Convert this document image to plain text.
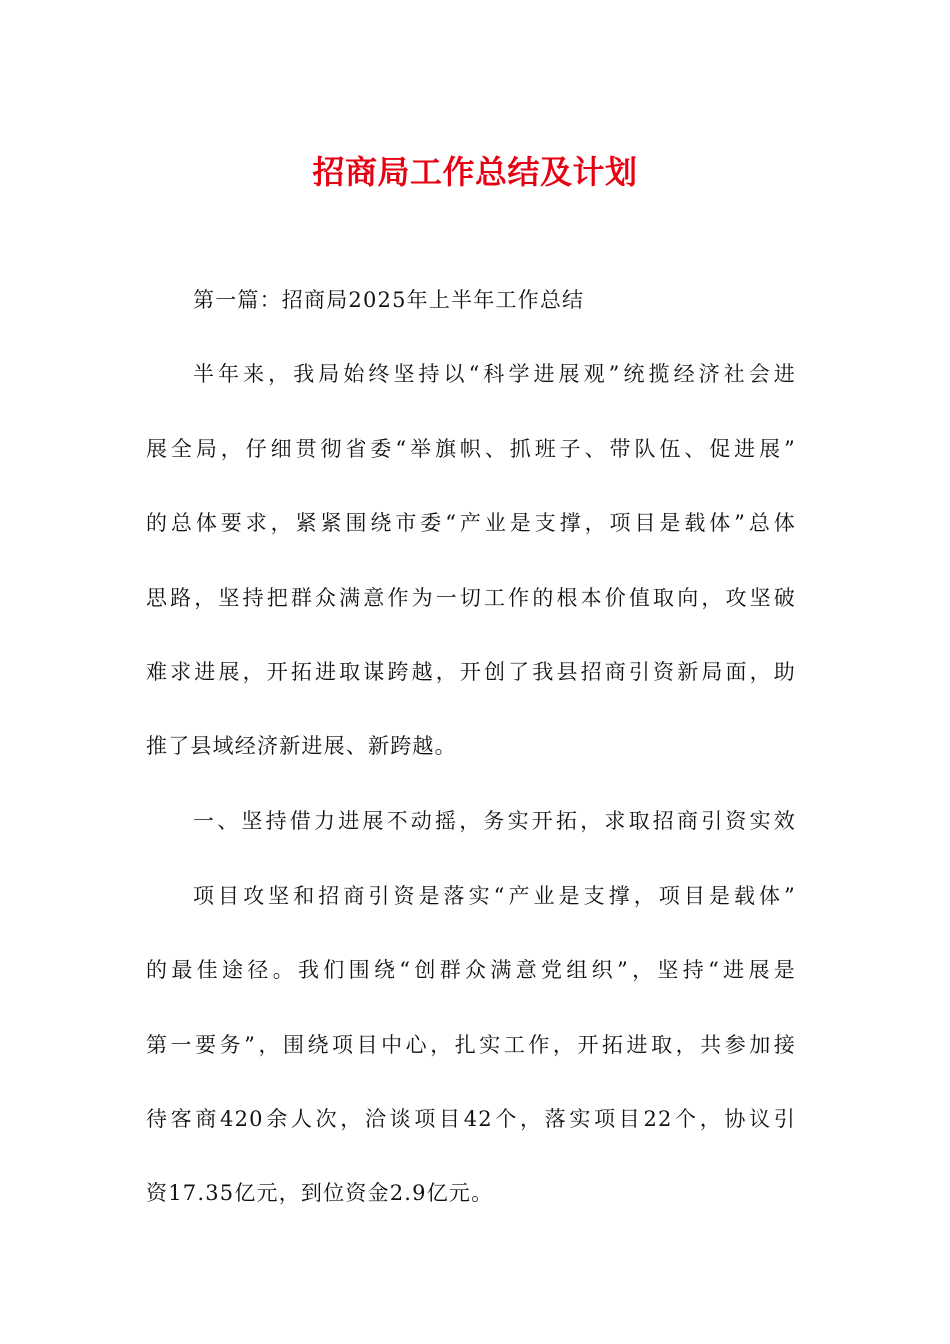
招商局工作总结及计划
第一篇：招商局2025年上半年工作总结
半年来，我局始终坚持以“科学进展观”统揽经济社会进
展全局，仔细贯彻省委“举旗帜、抓班子、带队伍、促进展”
的总体要求，紧紧围绕市委“产业是支撑，项目是载体”总体
思路，坚持把群众满意作为一切工作的根本价值取向，攻坚破
难求进展，开拓进取谋跨越，开创了我县招商引资新局面，助
推了县域经济新进展、新跨越。
一、坚持借力进展不动摇，务实开拓，求取招商引资实效
项目攻坚和招商引资是落实“产业是支撑，项目是载体”
的最佳途径。我们围绕“创群众满意党组织”，坚持“进展是
第一要务”，围绕项目中心，扎实工作，开拓进取，共参加接
待客商420余人次，洽谈项目42个，落实项目22个，协议引
资17.35亿元，到位资金2.9亿元。
